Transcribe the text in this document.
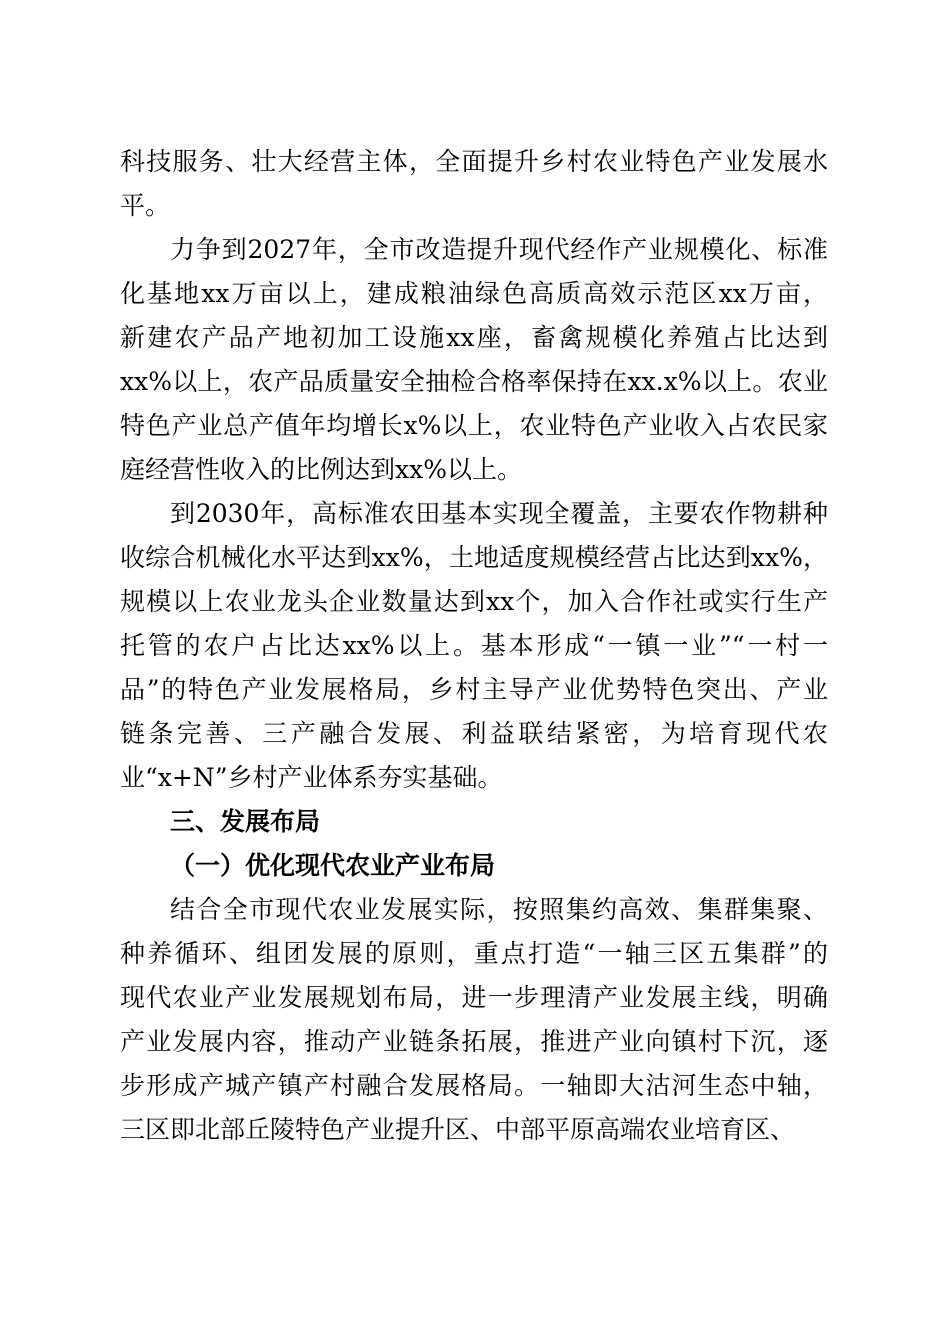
科技服务、壮大经营主体，全面提升乡村农业特色产业发展水
平。
力争到2027年，全市改造提升现代经作产业规模化、标准
化基地xx万亩以上，建成粮油绿色高质高效示范区xx万亩，
新建农产品产地初加工设施xx座，畜禽规模化养殖占比达到
xx%以上，农产品质量安全抽检合格率保持在xx.x%以上。农业
特色产业总产值年均增长x%以上，农业特色产业收入占农民家
庭经营性收入的比例达到xx%以上。
到2030年，高标准农田基本实现全覆盖，主要农作物耕种
收综合机械化水平达到xx%，土地适度规模经营占比达到xx%，
规模以上农业龙头企业数量达到xx个，加入合作社或实行生产
托管的农户占比达xx%以上。基本形成“一镇一业”“一村一
品”的特色产业发展格局，乡村主导产业优势特色突出、产业
链条完善、三产融合发展、利益联结紧密，为培育现代农
业“x+N”乡村产业体系夯实基础。
三、发展布局
（一）优化现代农业产业布局
结合全市现代农业发展实际，按照集约高效、集群集聚、
种养循环、组团发展的原则，重点打造“一轴三区五集群”的
现代农业产业发展规划布局，进一步理清产业发展主线，明确
产业发展内容，推动产业链条拓展，推进产业向镇村下沉，逐
步形成产城产镇产村融合发展格局。一轴即大沽河生态中轴，
三区即北部丘陵特色产业提升区、中部平原高端农业培育区、
